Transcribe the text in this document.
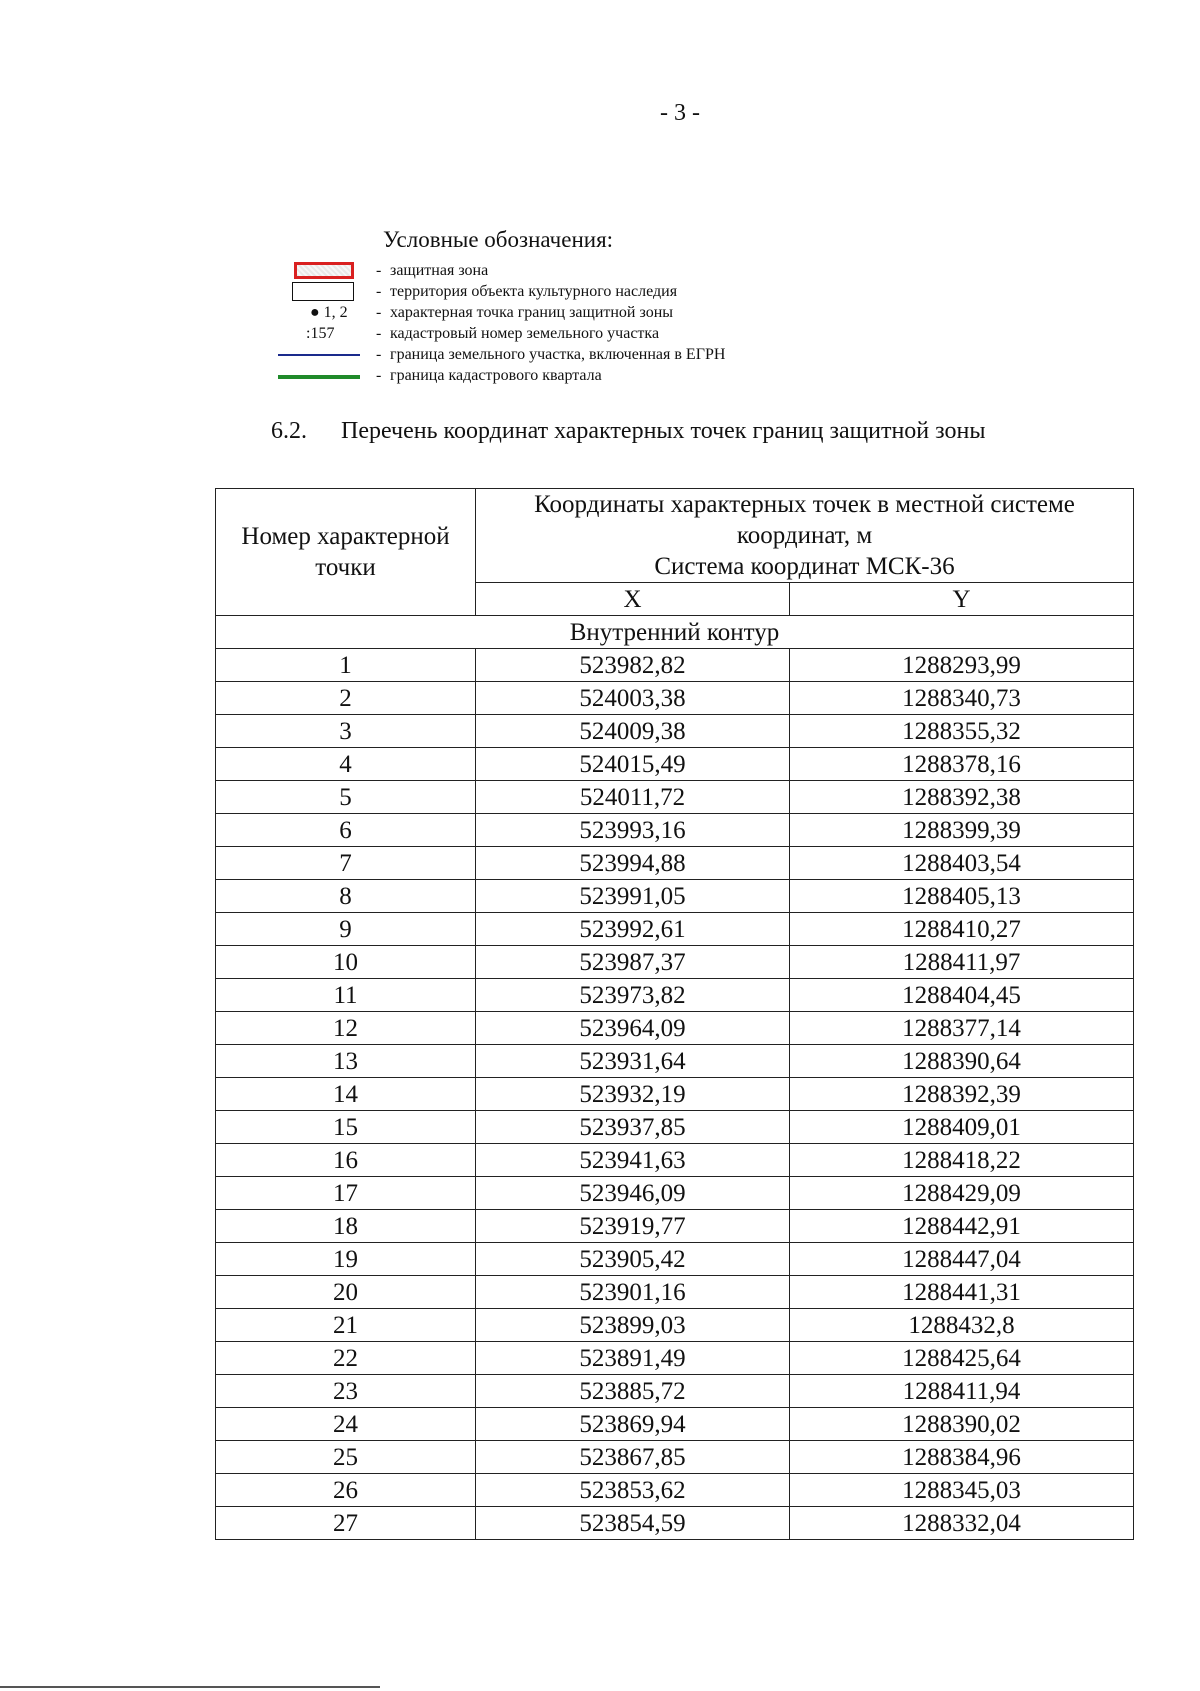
- 3 -
Условные обозначения:
- защитная зона
- территория объекта культурного наследия
● 1, 2 - характерная точка границ защитной зоны
:157	- кадастровый номер земельного участка
- граница земельного участка, включенная в ЕГРН
- граница кадастрового квартала
6.2. Перечень координат характерных точек границ защитной зоны
Номер характерной точки	Координаты характерных точек в местной системе координат, м
Система координат МСК-36	
	X	Y
Внутренний контур		
1	523982,82	1288293,99
2	524003,38	1288340,73
3	524009,38	1288355,32
4	524015,49	1288378,16
5	524011,72	1288392,38
6	523993,16	1288399,39
7	523994,88	1288403,54
8	523991,05	1288405,13
9	523992,61	1288410,27
10	523987,37	1288411,97
11	523973,82	1288404,45
12	523964,09	1288377,14
13	523931,64	1288390,64
14	523932,19	1288392,39
15	523937,85	1288409,01
16	523941,63	1288418,22
17	523946,09	1288429,09
18	523919,77	1288442,91
19	523905,42	1288447,04
20	523901,16	1288441,31
21	523899,03	1288432,8
22	523891,49	1288425,64
23	523885,72	1288411,94
24	523869,94	1288390,02
25	523867,85	1288384,96
26	523853,62	1288345,03
27	523854,59	1288332,04
